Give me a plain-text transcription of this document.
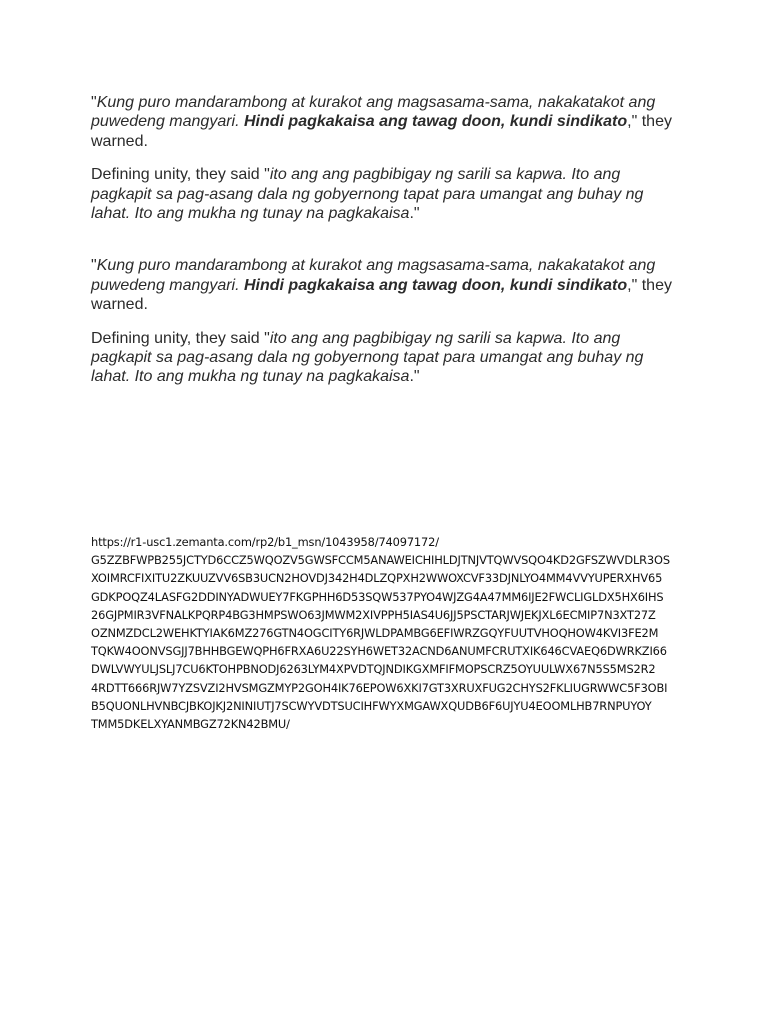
"Kung puro mandarambong at kurakot ang magsasama-sama, nakakatakot ang puwedeng mangyari. Hindi pagkakaisa ang tawag doon, kundi sindikato," they warned.

Defining unity, they said "ito ang ang pagbibigay ng sarili sa kapwa. Ito ang pagkapit sa pag-asang dala ng gobyernong tapat para umangat ang buhay ng lahat. Ito ang mukha ng tunay na pagkakaisa."

"Kung puro mandarambong at kurakot ang magsasama-sama, nakakatakot ang puwedeng mangyari. Hindi pagkakaisa ang tawag doon, kundi sindikato," they warned.

Defining unity, they said "ito ang ang pagbibigay ng sarili sa kapwa. Ito ang pagkapit sa pag-asang dala ng gobyernong tapat para umangat ang buhay ng lahat. Ito ang mukha ng tunay na pagkakaisa."

https://r1-usc1.zemanta.com/rp2/b1_msn/1043958/74097172/
G5ZZBFWPB255JCTYD6CCZ5WQOZV5GWSFCCM5ANAWEICHIHLDJTNJVTQWVSQO4KD2GFSZWVDLR3OS
XOIMRCFIXITU2ZKUUZVV6SB3UCN2HOVDJ342H4DLZQPXH2WWOXCVF33DJNLYO4MM4VVYUPERXHV65
GDKPOQZ4LASFG2DDINYADWUEY7FKGPHH6D53SQW537PYO4WJZG4A47MM6IJE2FWCLIGLDX5HX6IHS
26GJPMIR3VFNALKPQRP4BG3HMPSWO63JMWM2XIVPPH5IAS4U6JJ5PSCTARJWJEKJXL6ECMIP7N3XT27Z
OZNMZDCL2WEHKTYIAK6MZ276GTN4OGCITY6RJWLDPAMBG6EFIWRZGQYFUUTVHOQHOW4KVI3FE2M
TQKW4OONVSGJJ7BHHBGEWQPH6FRXA6U22SYH6WET32ACND6ANUMFCRUTXIK646CVAEQ6DWRKZI66
DWLVWYULJSLJ7CU6KTOHPBNODJ6263LYM4XPVDTQJNDIKGXMFIFMOPSCRZ5OYUULWX67N5S5MS2R2
4RDTT666RJW7YZSVZI2HVSMGZMYP2GOH4IK76EPOW6XKI7GT3XRUXFUG2CHYS2FKLIUGRWWC5F3OBI
B5QUONLHVNBCJBKOJKJ2NINIUTJ7SCWYVDTSUCIHFWYXMGAWXQUDB6F6UJYU4EOOMLHB7RNPUYOY
TMM5DKELXYANMBGZ72KN42BMU/
